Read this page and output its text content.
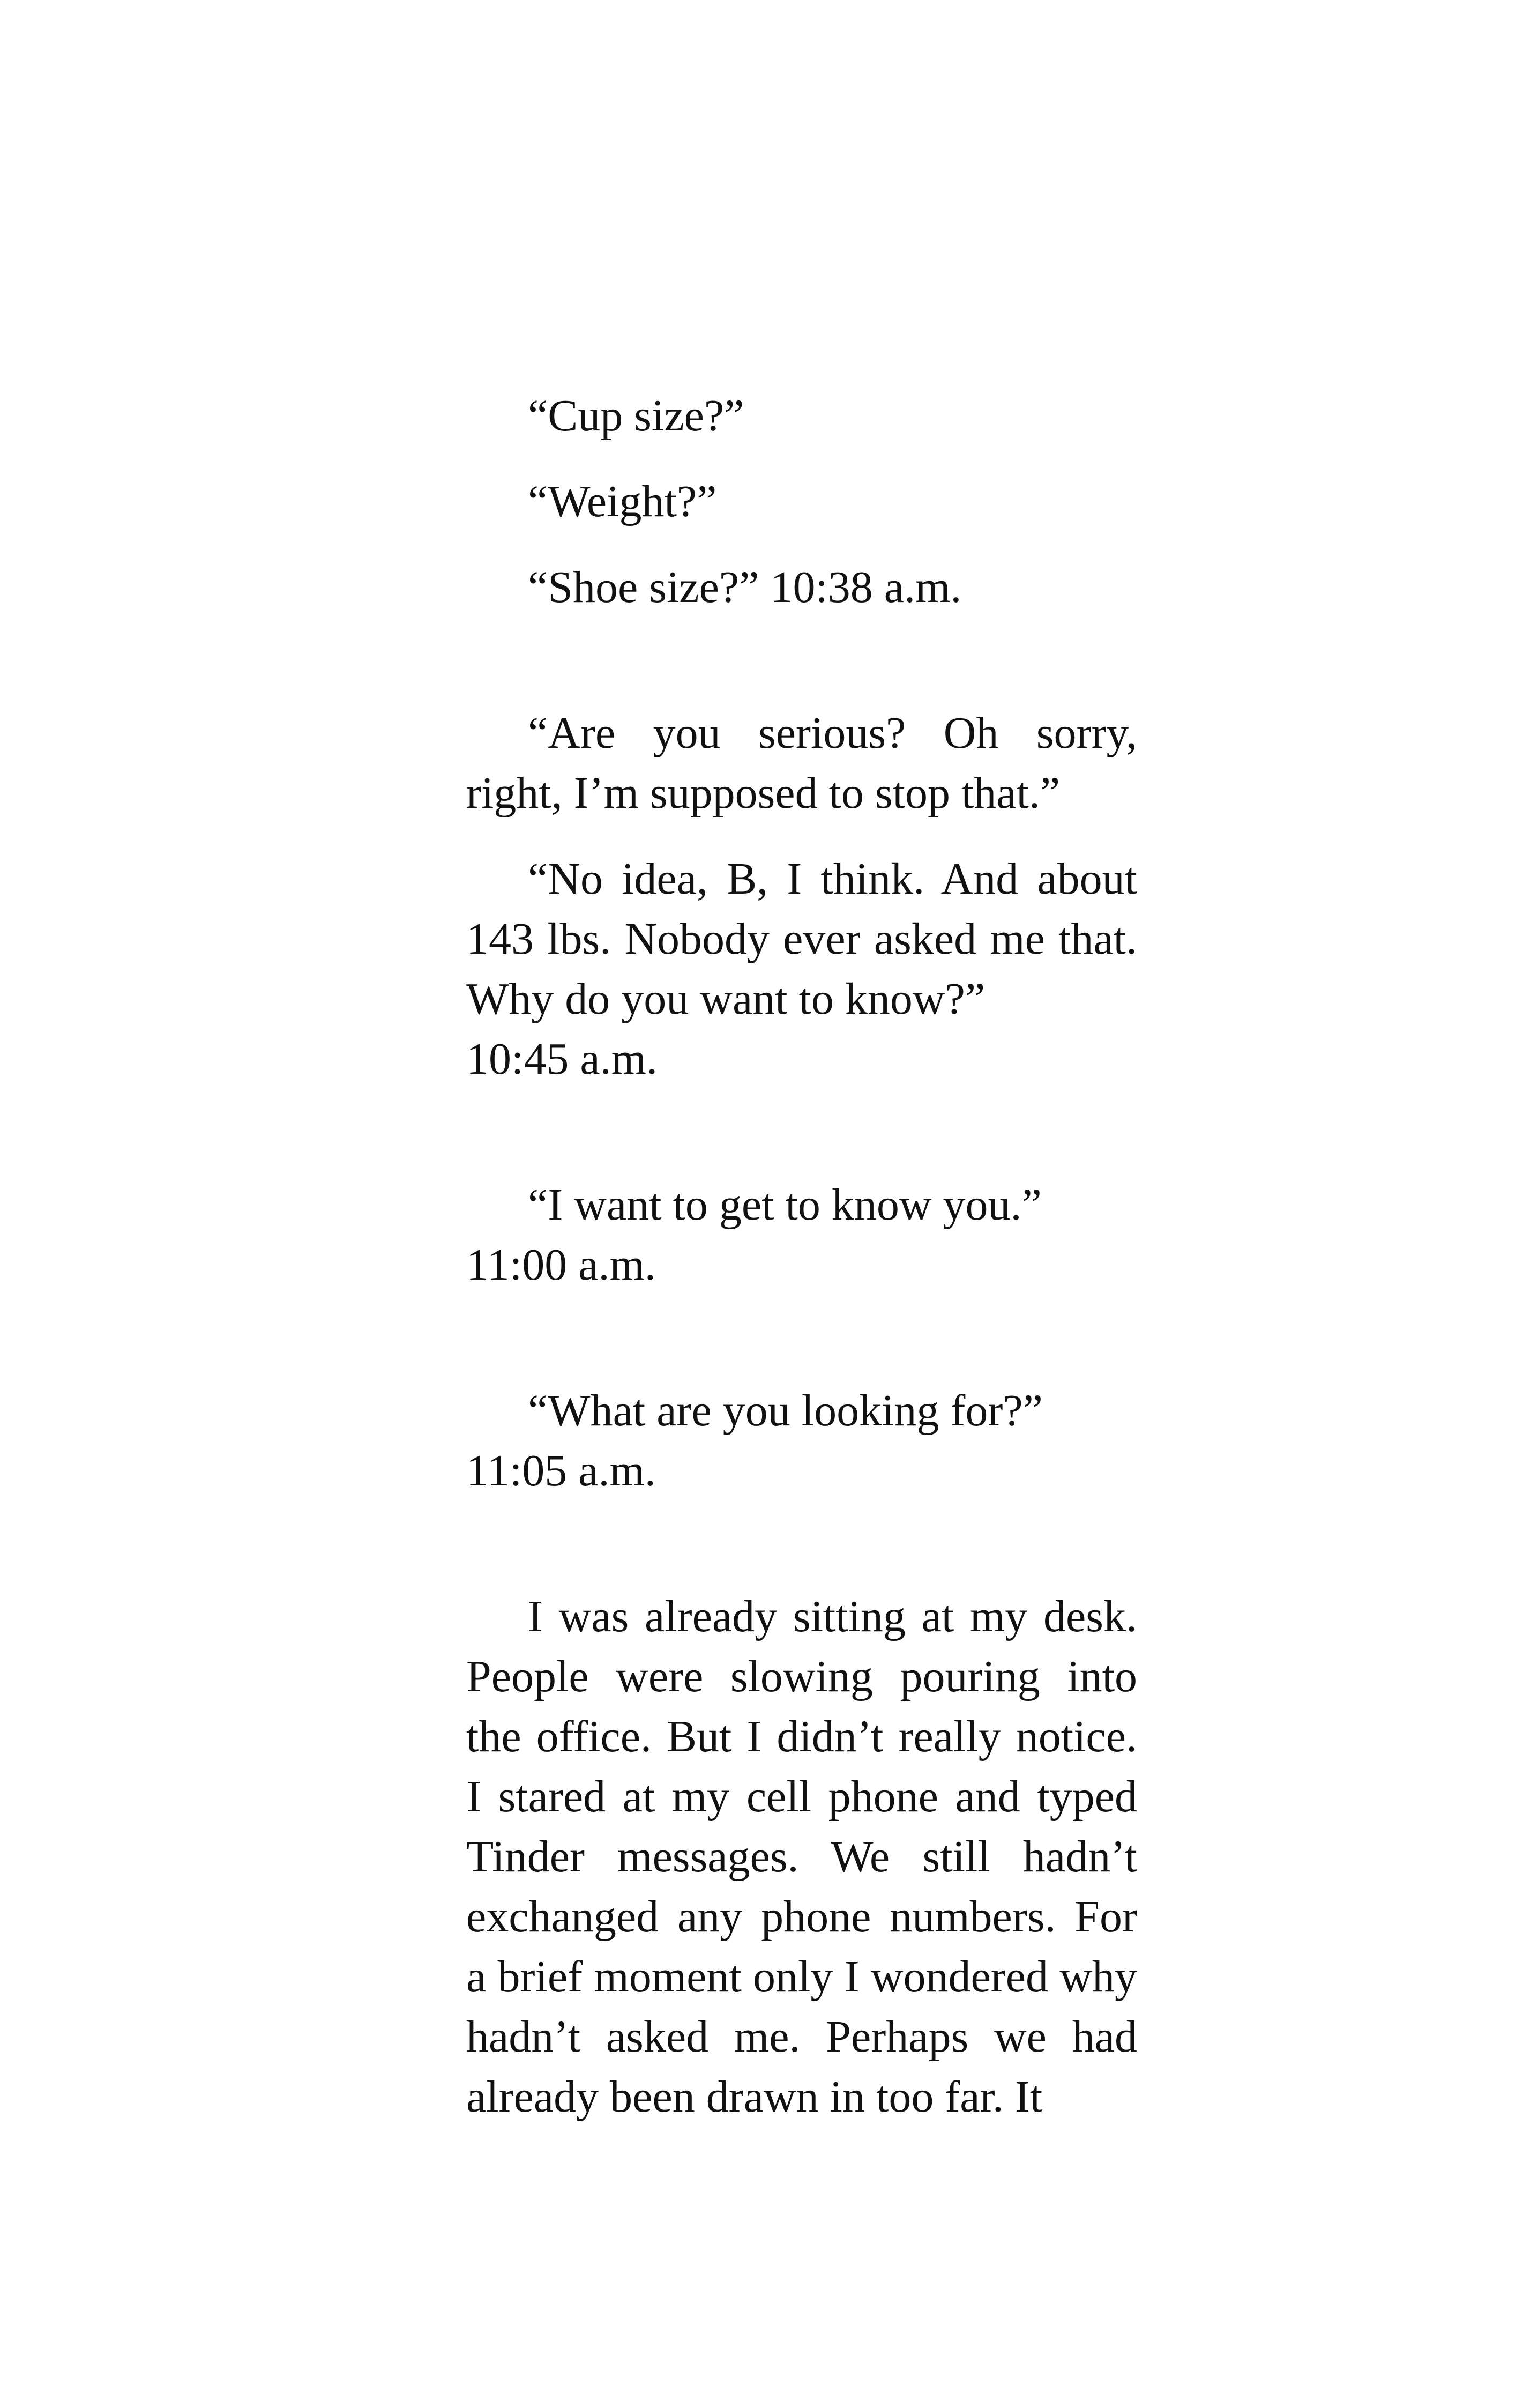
“Cup size?”

“Weight?”

“Shoe size?” 10:38 a.m.

“Are you serious? Oh sorry, right, I’m supposed to stop that.”

“No idea, B, I think. And about 143 lbs. Nobody ever asked me that. Why do you want to know?”
10:45 a.m.

“I want to get to know you.”
11:00 a.m.

“What are you looking for?”
11:05 a.m.

I was already sitting at my desk. People were slowing pouring into the office. But I didn’t really notice. I stared at my cell phone and typed Tinder messages. We still hadn’t exchanged any phone numbers. For a brief moment only I wondered why hadn’t asked me. Perhaps we had already been drawn in too far. It
